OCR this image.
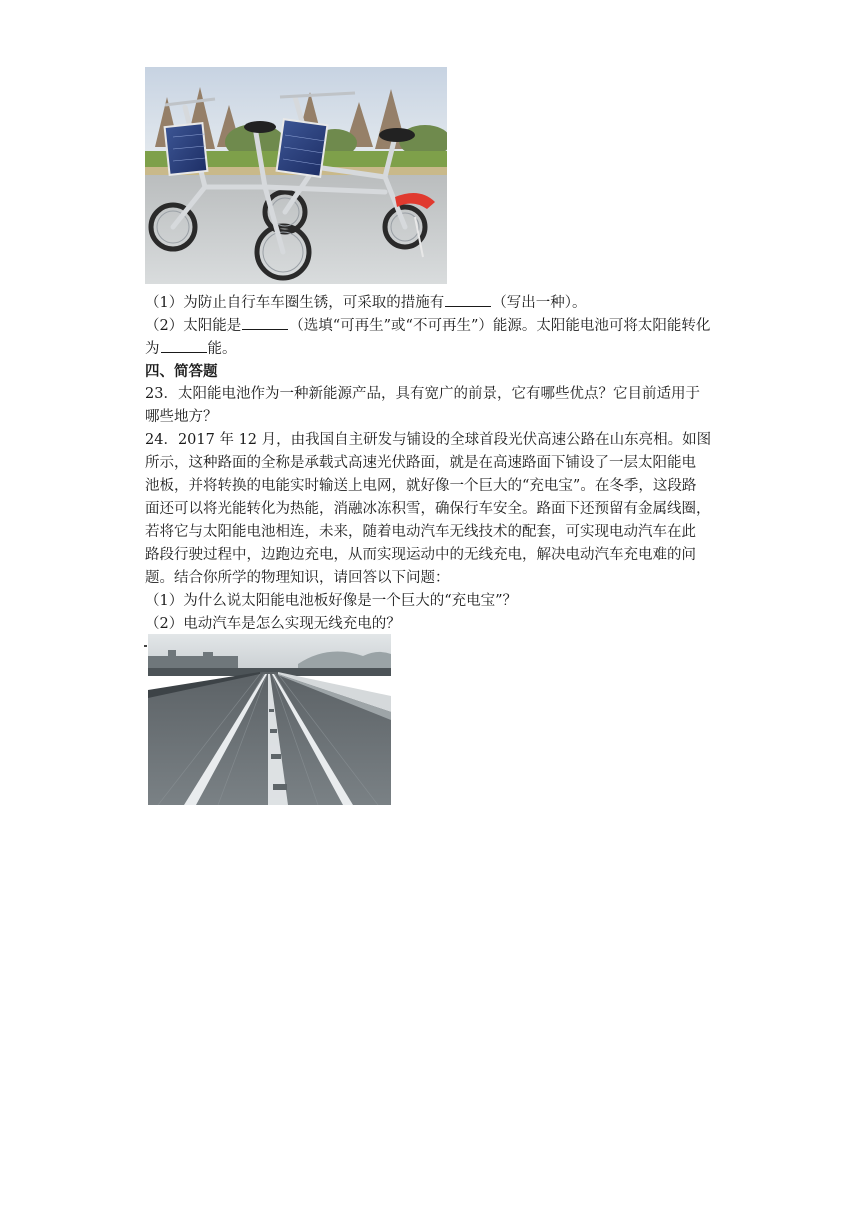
（1）为防止自行车车圈生锈，可采取的措施有	（写出一种）。
（2）太阳能是	（选填“可再生”或“不可再生”）能源。太阳能电池可将太阳能转化
为	能。
四、简答题
23．太阳能电池作为一种新能源产品，具有宽广的前景，它有哪些优点？它目前适用于
哪些地方？
24．2017 年 12 月，由我国自主研发与铺设的全球首段光伏高速公路在山东亮相。如图
所示，这种路面的全称是承载式高速光伏路面，就是在高速路面下铺设了一层太阳能电
池板，并将转换的电能实时输送上电网，就好像一个巨大的“充电宝”。在冬季，这段路
面还可以将光能转化为热能，消融冰冻积雪，确保行车安全。路面下还预留有金属线圈，
若将它与太阳能电池相连，未来，随着电动汽车无线技术的配套，可实现电动汽车在此
路段行驶过程中，边跑边充电，从而实现运动中的无线充电，解决电动汽车充电难的问
题。结合你所学的物理知识，请回答以下问题：
（1）为什么说太阳能电池板好像是一个巨大的“充电宝”？
（2）电动汽车是怎么实现无线充电的？
